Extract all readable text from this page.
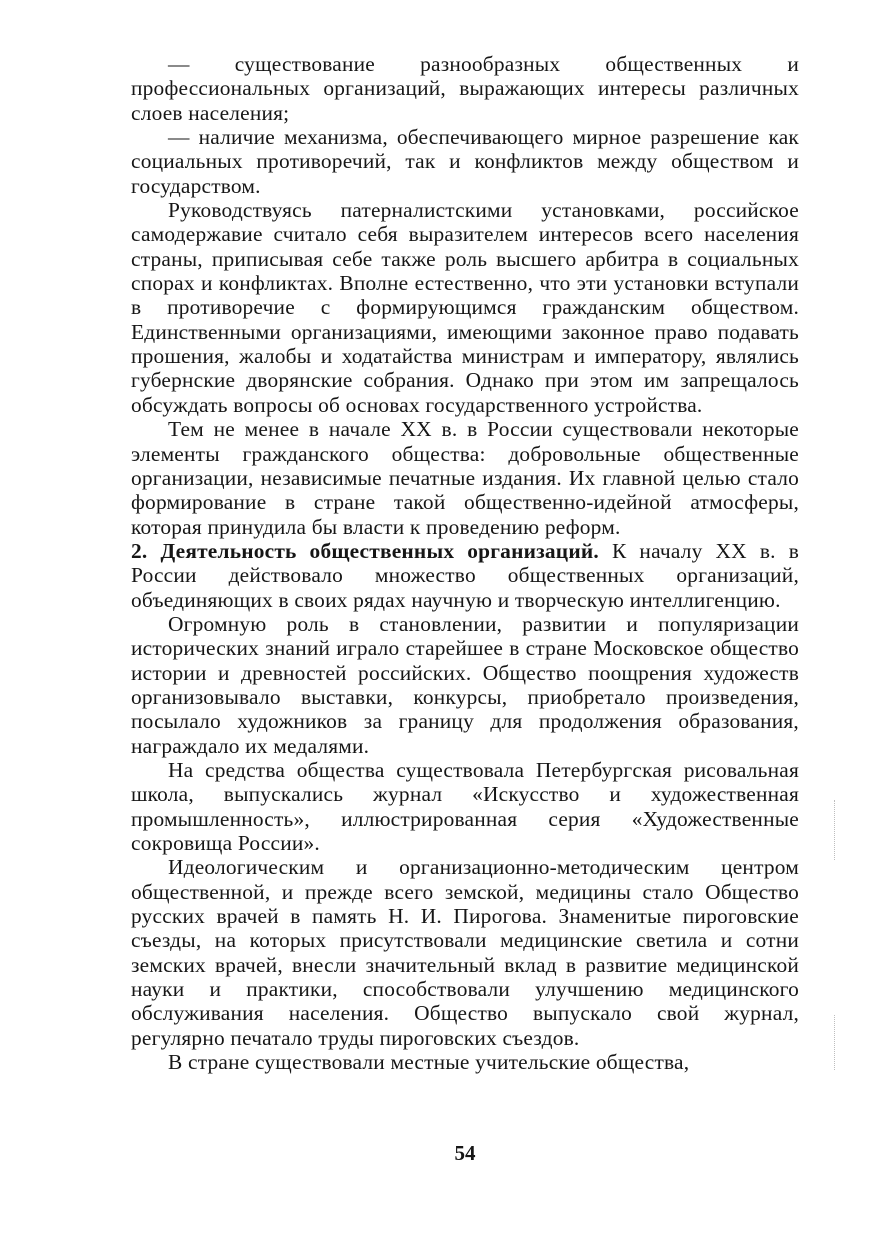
— существование разнообразных общественных и профессиональных организаций, выражающих интересы различных слоев населения;

— наличие механизма, обеспечивающего мирное разрешение как социальных противоречий, так и конфликтов между обществом и государством.

Руководствуясь патерналистскими установками, российское самодержавие считало себя выразителем интересов всего населения страны, приписывая себе также роль высшего арбитра в социальных спорах и конфликтах. Вполне естественно, что эти установки вступали в противоречие с формирующимся гражданским обществом. Единственными организациями, имеющими законное право подавать прошения, жалобы и ходатайства министрам и императору, являлись губернские дворянские собрания. Однако при этом им запрещалось обсуждать вопросы об основах государственного устройства.

Тем не менее в начале XX в. в России существовали некоторые элементы гражданского общества: добровольные общественные организации, независимые печатные издания. Их главной целью стало формирование в стране такой общественно-идейной атмосферы, которая принудила бы власти к проведению реформ.

2. Деятельность общественных организаций. К началу XX в. в России действовало множество общественных организаций, объединяющих в своих рядах научную и творческую интеллигенцию.

Огромную роль в становлении, развитии и популяризации исторических знаний играло старейшее в стране Московское общество истории и древностей российских. Общество поощрения художеств организовывало выставки, конкурсы, приобретало произведения, посылало художников за границу для продолжения образования, награждало их медалями.

На средства общества существовала Петербургская рисовальная школа, выпускались журнал «Искусство и художественная промышленность», иллюстрированная серия «Художественные сокровища России».

Идеологическим и организационно-методическим центром общественной, и прежде всего земской, медицины стало Общество русских врачей в память Н. И. Пирогова. Знаменитые пироговские съезды, на которых присутствовали медицинские светила и сотни земских врачей, внесли значительный вклад в развитие медицинской науки и практики, способствовали улучшению медицинского обслуживания населения. Общество выпускало свой журнал, регулярно печатало труды пироговских съездов.

В стране существовали местные учительские общества,

54
